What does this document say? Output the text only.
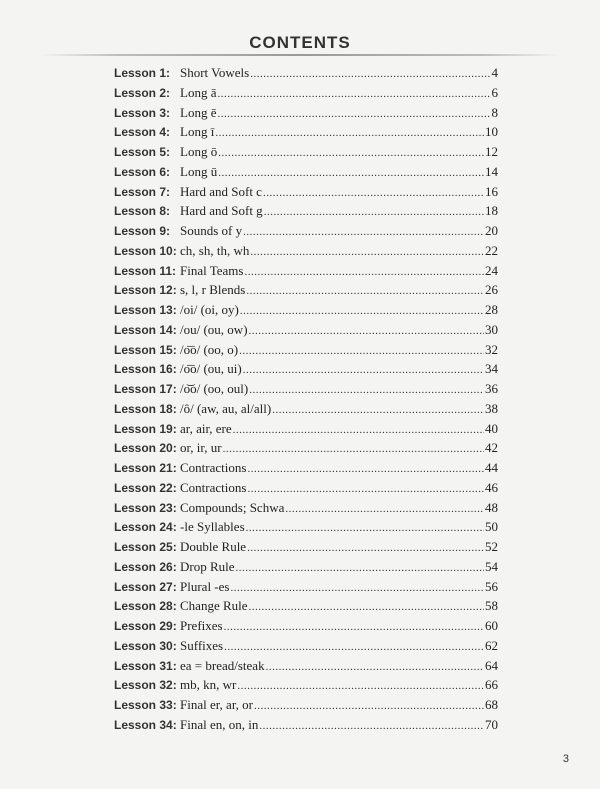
CONTENTS
Lesson 1: Short Vowels .....	4
Lesson 2: Long ā .....	6
Lesson 3: Long ē .....	8
Lesson 4: Long ī .....	10
Lesson 5: Long ō .....	12
Lesson 6: Long ū .....	14
Lesson 7: Hard and Soft c .....	16
Lesson 8: Hard and Soft g .....	18
Lesson 9: Sounds of y .....	20
Lesson 10: ch, sh, th, wh .....	22
Lesson 11: Final Teams .....	24
Lesson 12: s, l, r Blends .....	26
Lesson 13: /oi/ (oi, oy) .....	28
Lesson 14: /ou/ (ou, ow) .....	30
Lesson 15: /o͞o/ (oo, o) .....	32
Lesson 16: /o͞o/ (ou, ui) .....	34
Lesson 17: /o͝o/ (oo, oul) .....	36
Lesson 18: /ô/ (aw, au, al/all) .....	38
Lesson 19: ar, air, ere .....	40
Lesson 20: or, ir, ur .....	42
Lesson 21: Contractions .....	44
Lesson 22: Contractions .....	46
Lesson 23: Compounds; Schwa .....	48
Lesson 24: -le Syllables .....	50
Lesson 25: Double Rule .....	52
Lesson 26: Drop Rule .....	54
Lesson 27: Plural -es .....	56
Lesson 28: Change Rule .....	58
Lesson 29: Prefixes .....	60
Lesson 30: Suffixes .....	62
Lesson 31: ea = bread/steak .....	64
Lesson 32: mb, kn, wr .....	66
Lesson 33: Final er, ar, or .....	68
Lesson 34: Final en, on, in .....	70
3
